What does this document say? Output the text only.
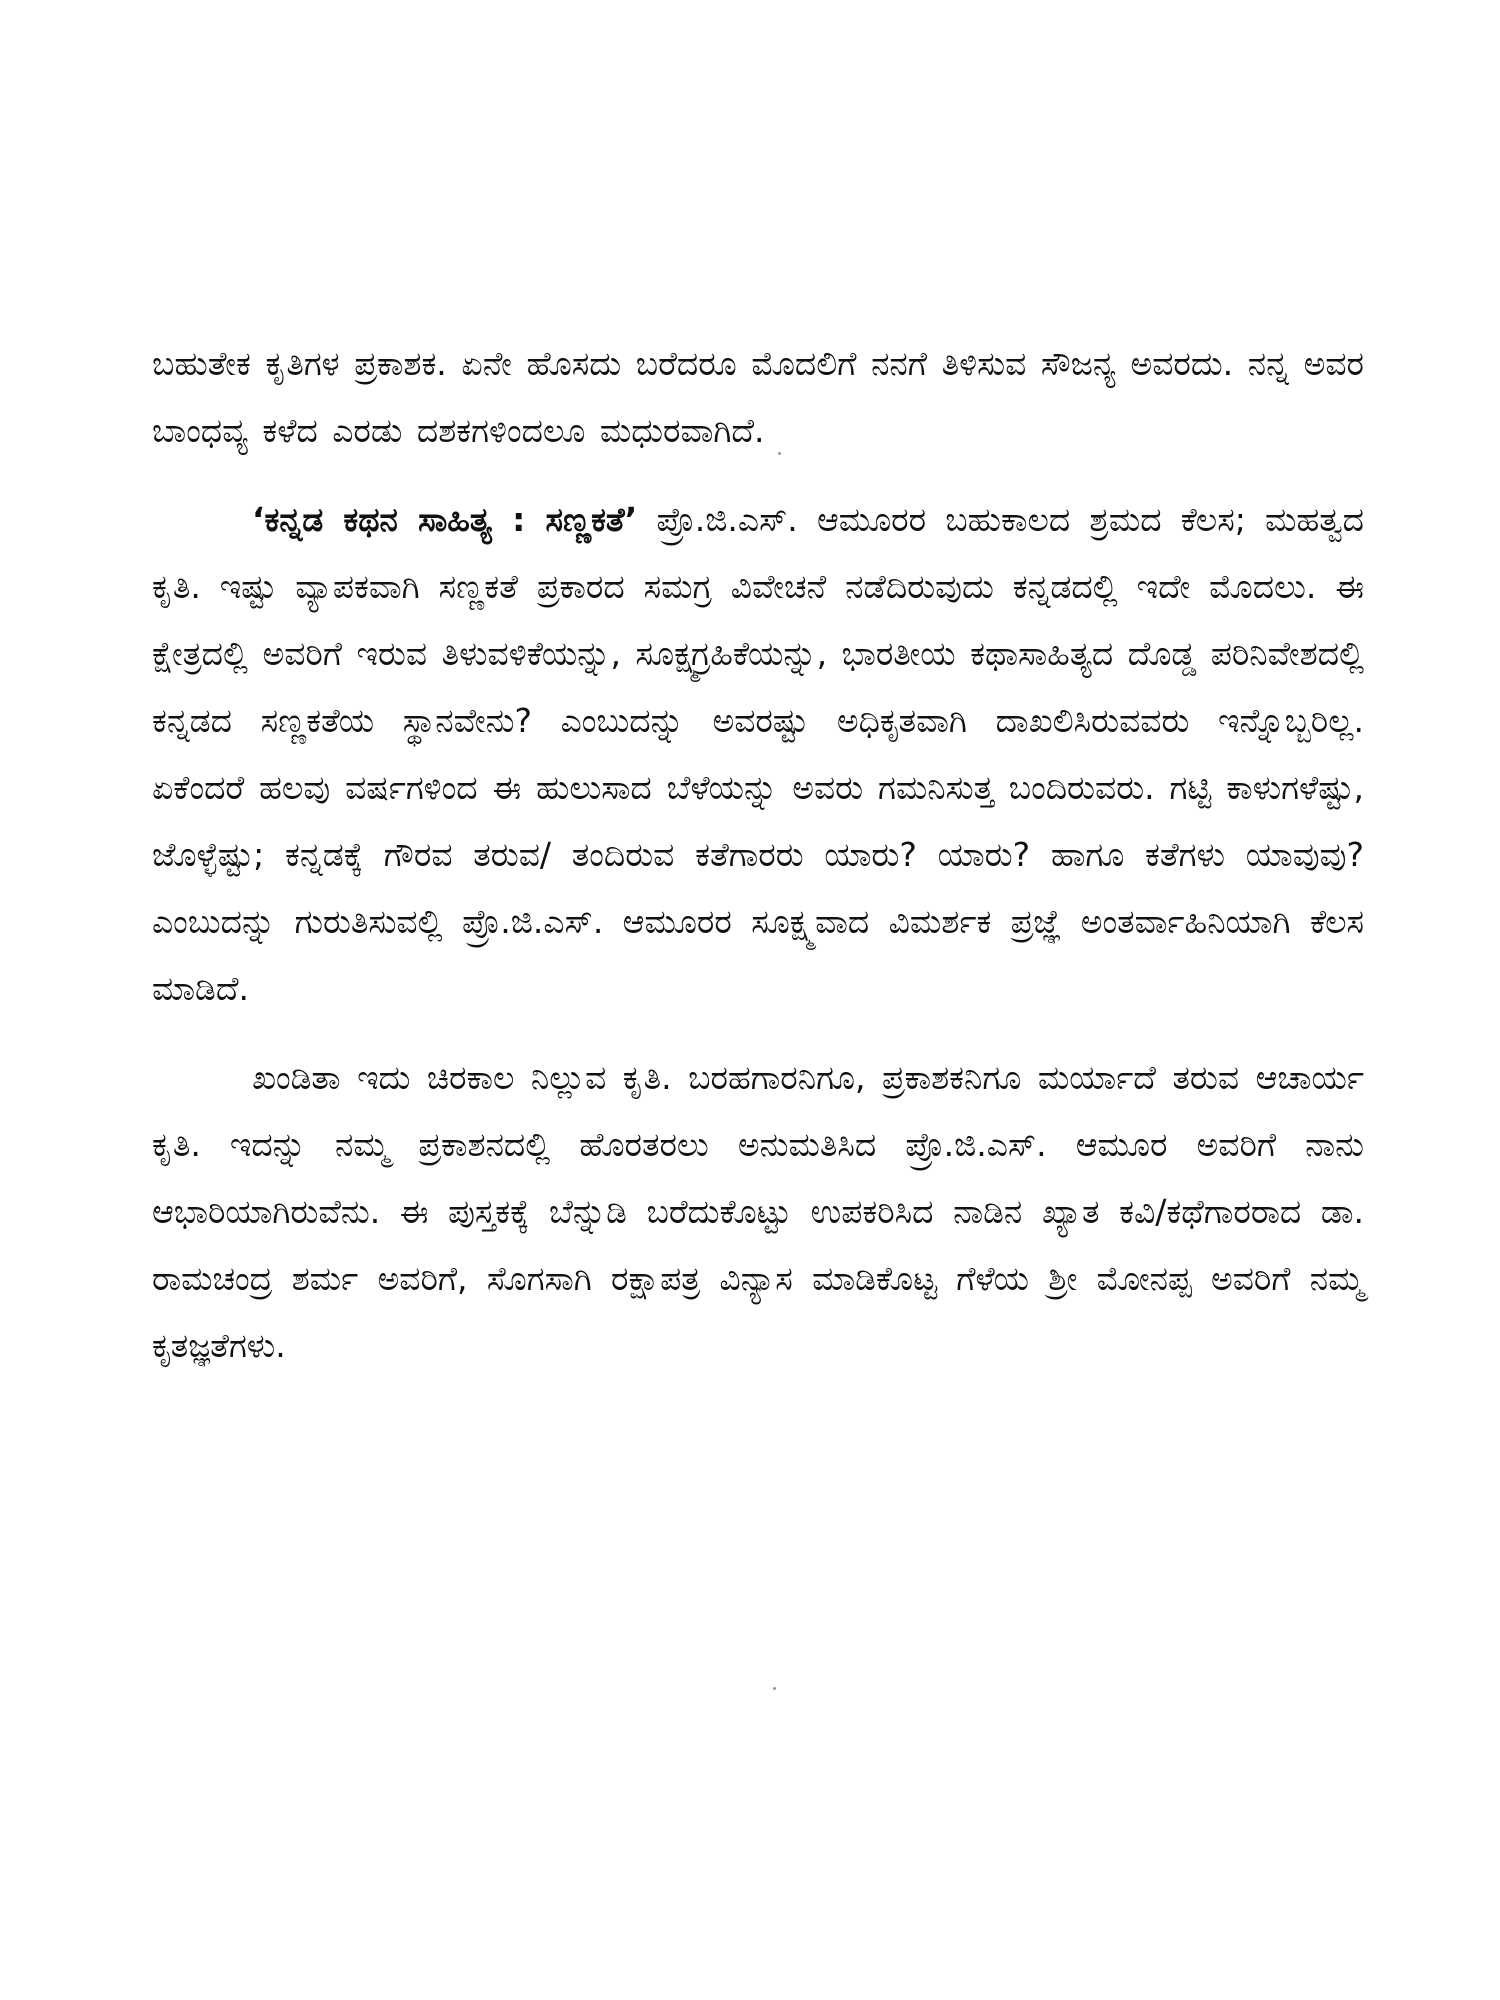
ಬಹುತೇಕ ಕೃತಿಗಳ ಪ್ರಕಾಶಕ. ಏನೇ ಹೊಸದು ಬರೆದರೂ ಮೊದಲಿಗೆ ನನಗೆ ತಿಳಿಸುವ ಸೌಜನ್ಯ ಅವರದು. ನನ್ನ ಅವರ ಬಾಂಧವ್ಯ ಕಳೆದ ಎರಡು ದಶಕಗಳಿಂದಲೂ ಮಧುರವಾಗಿದೆ.

‘ಕನ್ನಡ ಕಥನ ಸಾಹಿತ್ಯ : ಸಣ್ಣಕತೆ’ ಪ್ರೊ.ಜಿ.ಎಸ್. ಆಮೂರರ ಬಹುಕಾಲದ ಶ್ರಮದ ಕೆಲಸ; ಮಹತ್ವದ ಕೃತಿ. ಇಷ್ಟು ವ್ಯಾಪಕವಾಗಿ ಸಣ್ಣಕತೆ ಪ್ರಕಾರದ ಸಮಗ್ರ ವಿವೇಚನೆ ನಡೆದಿರುವುದು ಕನ್ನಡದಲ್ಲಿ ಇದೇ ಮೊದಲು. ಈ ಕ್ಷೇತ್ರದಲ್ಲಿ ಅವರಿಗೆ ಇರುವ ತಿಳುವಳಿಕೆಯನ್ನು, ಸೂಕ್ಷ್ಮಗ್ರಹಿಕೆಯನ್ನು, ಭಾರತೀಯ ಕಥಾಸಾಹಿತ್ಯದ ದೊಡ್ಡ ಪರಿನಿವೇಶದಲ್ಲಿ ಕನ್ನಡದ ಸಣ್ಣಕತೆಯ ಸ್ಥಾನವೇನು? ಎಂಬುದನ್ನು ಅವರಷ್ಟು ಅಧಿಕೃತವಾಗಿ ದಾಖಲಿಸಿರುವವರು ಇನ್ನೊಬ್ಬರಿಲ್ಲ. ಏಕೆಂದರೆ ಹಲವು ವರ್ಷಗಳಿಂದ ಈ ಹುಲುಸಾದ ಬೆಳೆಯನ್ನು ಅವರು ಗಮನಿಸುತ್ತ ಬಂದಿರುವರು. ಗಟ್ಟಿ ಕಾಳುಗಳೆಷ್ಟು, ಜೊಳ್ಳೆಷ್ಟು; ಕನ್ನಡಕ್ಕೆ ಗೌರವ ತರುವ/ ತಂದಿರುವ ಕತೆಗಾರರು ಯಾರು? ಯಾರು? ಹಾಗೂ ಕತೆಗಳು ಯಾವುವು? ಎಂಬುದನ್ನು ಗುರುತಿಸುವಲ್ಲಿ ಪ್ರೊ.ಜಿ.ಎಸ್. ಆಮೂರರ ಸೂಕ್ಷ್ಮವಾದ ವಿಮರ್ಶಕ ಪ್ರಜ್ಞೆ ಅಂತರ್ವಾಹಿನಿಯಾಗಿ ಕೆಲಸ ಮಾಡಿದೆ.

ಖಂಡಿತಾ ಇದು ಚಿರಕಾಲ ನಿಲ್ಲುವ ಕೃತಿ. ಬರಹಗಾರನಿಗೂ, ಪ್ರಕಾಶಕನಿಗೂ ಮರ್ಯಾದೆ ತರುವ ಆಚಾರ್ಯ ಕೃತಿ. ಇದನ್ನು ನಮ್ಮ ಪ್ರಕಾಶನದಲ್ಲಿ ಹೊರತರಲು ಅನುಮತಿಸಿದ ಪ್ರೊ.ಜಿ.ಎಸ್. ಆಮೂರ ಅವರಿಗೆ ನಾನು ಆಭಾರಿಯಾಗಿರುವೆನು. ಈ ಪುಸ್ತಕಕ್ಕೆ ಬೆನ್ನುಡಿ ಬರೆದುಕೊಟ್ಟು ಉಪಕರಿಸಿದ ನಾಡಿನ ಖ್ಯಾತ ಕವಿ/ಕಥೆಗಾರರಾದ ಡಾ. ರಾಮಚಂದ್ರ ಶರ್ಮ ಅವರಿಗೆ, ಸೊಗಸಾಗಿ ರಕ್ಷಾಪತ್ರ ವಿನ್ಯಾಸ ಮಾಡಿಕೊಟ್ಟ ಗೆಳೆಯ ಶ್ರೀ ಮೋನಪ್ಪ ಅವರಿಗೆ ನಮ್ಮ ಕೃತಜ್ಞತೆಗಳು.
